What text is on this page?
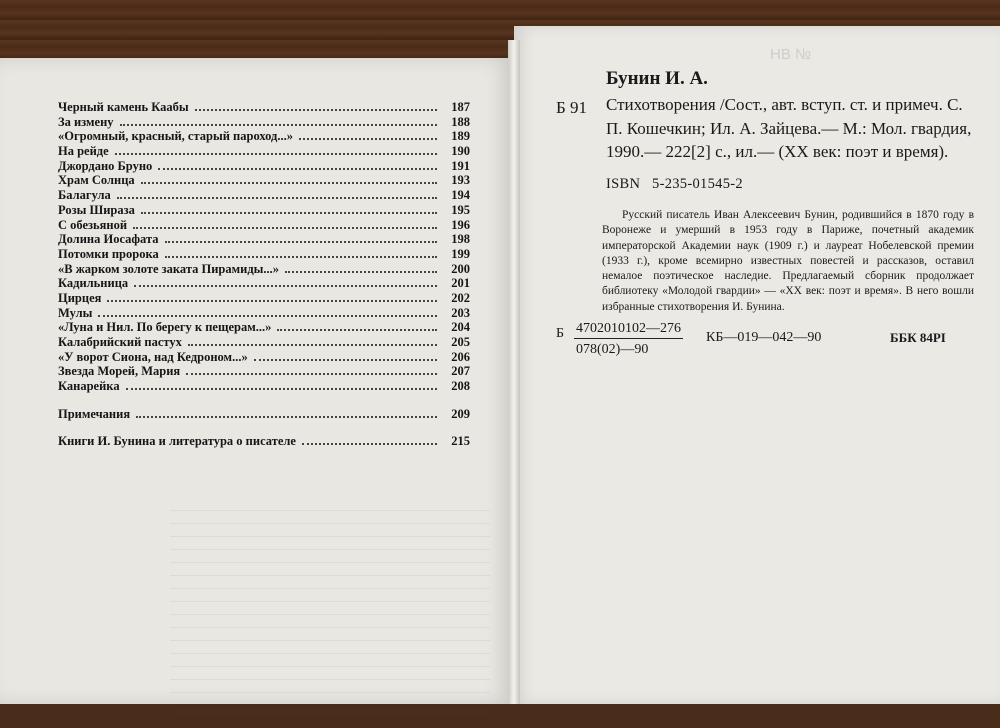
Черный камень Каабы	187
За измену	188
«Огромный, красный, старый пароход...»	189
На рейде	190
Джордано Бруно	191
Храм Солнца	193
Балагула	194
Розы Шираза	195
С обезьяной	196
Долина Иосафата	198
Потомки пророка	199
«В жарком золоте заката Пирамиды...»	200
Кадильница	201
Цирцея	202
Мулы	203
«Луна и Нил. По берегу к пещерам...»	204
Калабрийский пастух	205
«У ворот Сиона, над Кедроном...»	206
Звезда Морей, Мария	207
Канарейка	208
Примечания	209
Книги И. Бунина и литература о писателе	215
НВ №
Бунин И. А.
Б 91 Стихотворения /Сост., авт. вступ. ст. и примеч. С. П. Кошечкин; Ил. А. Зайцева.— М.: Мол. гвардия, 1990.— 222[2] с., ил.— (XX век: поэт и время).
ISBN 5-235-01545-2
Русский писатель Иван Алексеевич Бунин, родившийся в 1870 году в Воронеже и умерший в 1953 году в Париже, почетный академик императорской Академии наук (1909 г.) и лауреат Нобелевской премии (1933 г.), кроме всемирно известных повестей и рассказов, оставил немалое поэтическое наследие. Предлагаемый сборник продолжает библиотеку «Молодой гвардии» — «XX век: поэт и время». В него вошли избранные стихотворения И. Бунина.
Б 4702010102—276
078(02)—90
КБ—019—042—90	ББК 84PI
